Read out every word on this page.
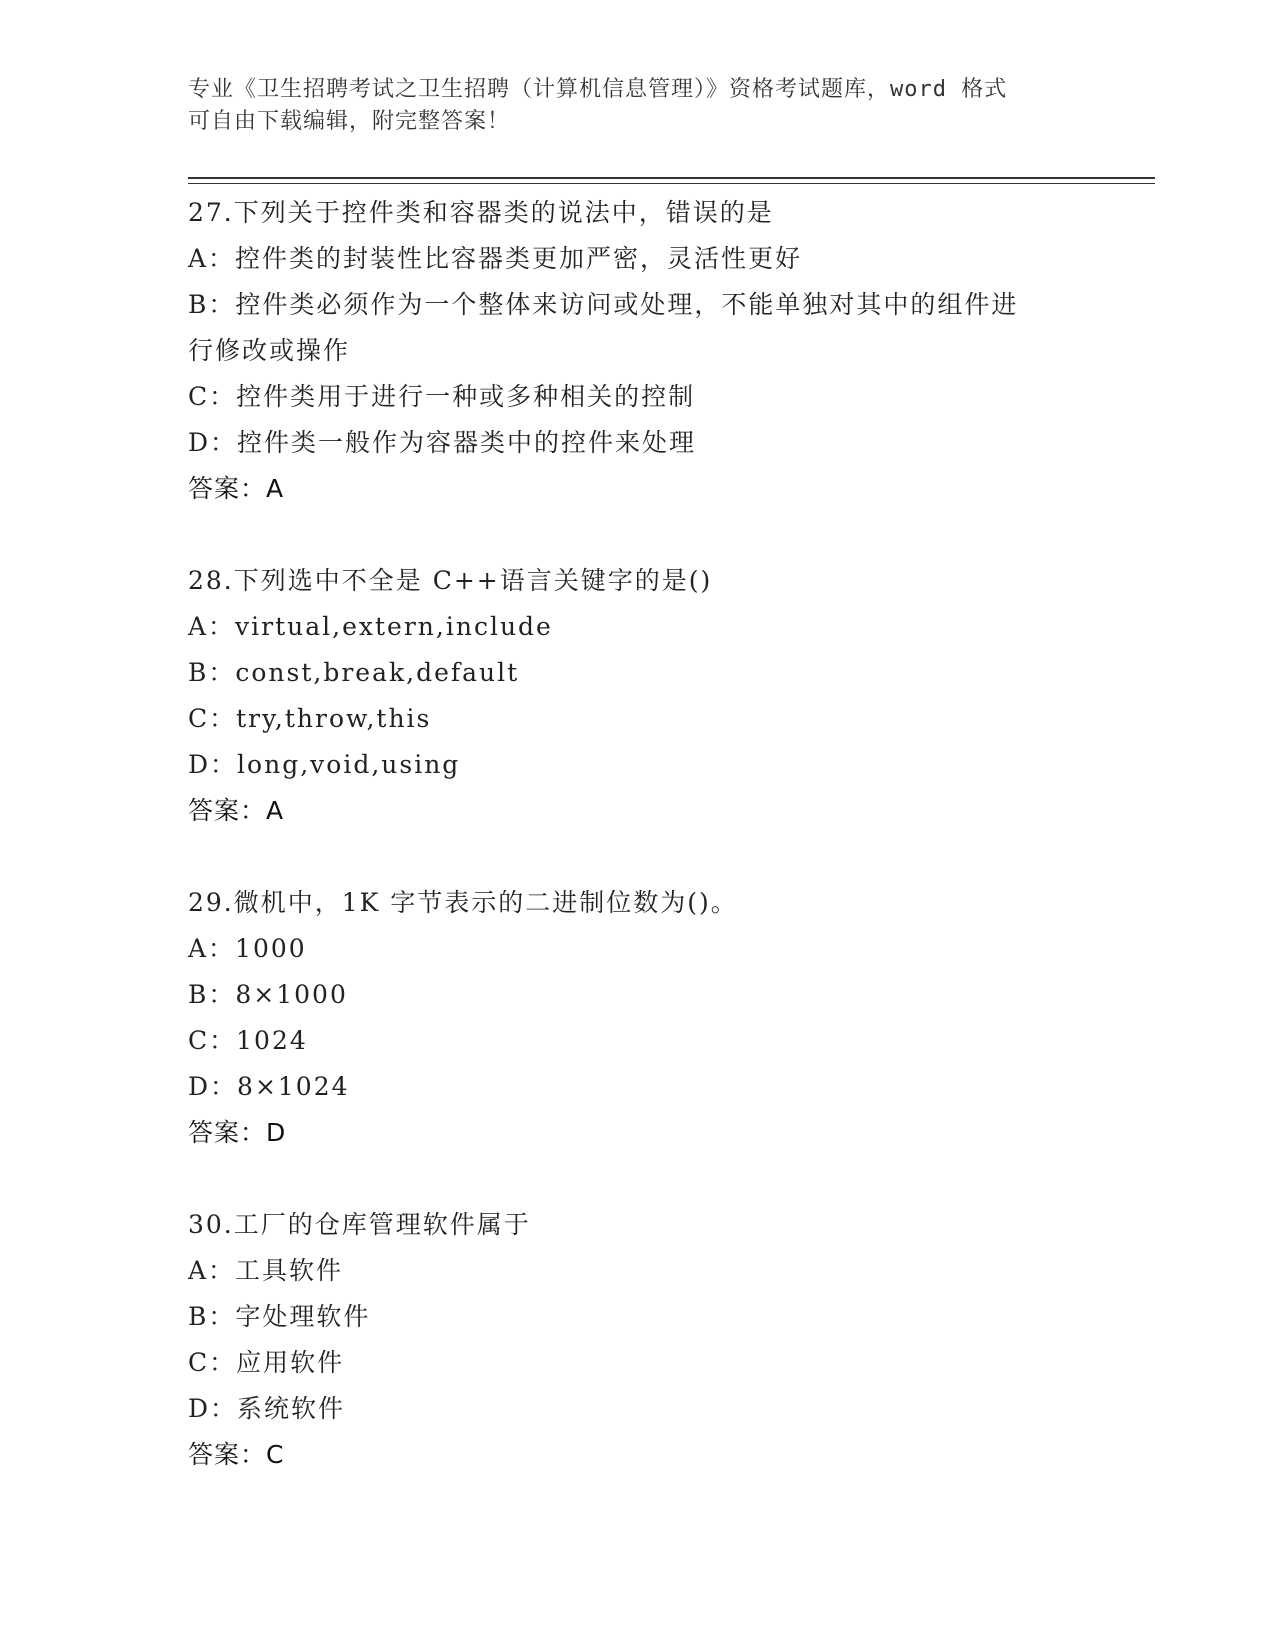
专业《卫生招聘考试之卫生招聘（计算机信息管理）》资格考试题库，word 格式
可自由下载编辑，附完整答案！
27.下列关于控件类和容器类的说法中，错误的是
A：控件类的封装性比容器类更加严密，灵活性更好
B：控件类必须作为一个整体来访问或处理，不能单独对其中的组件进
行修改或操作
C：控件类用于进行一种或多种相关的控制
D：控件类一般作为容器类中的控件来处理
答案：A
28.下列选中不全是 C++语言关键字的是()
A：virtual,extern,include
B：const,break,default
C：try,throw,this
D：long,void,using
答案：A
29.微机中，1K 字节表示的二进制位数为()。
A：1000
B：8×1000
C：1024
D：8×1024
答案：D
30.工厂的仓库管理软件属于
A：工具软件
B：字处理软件
C：应用软件
D：系统软件
答案：C
